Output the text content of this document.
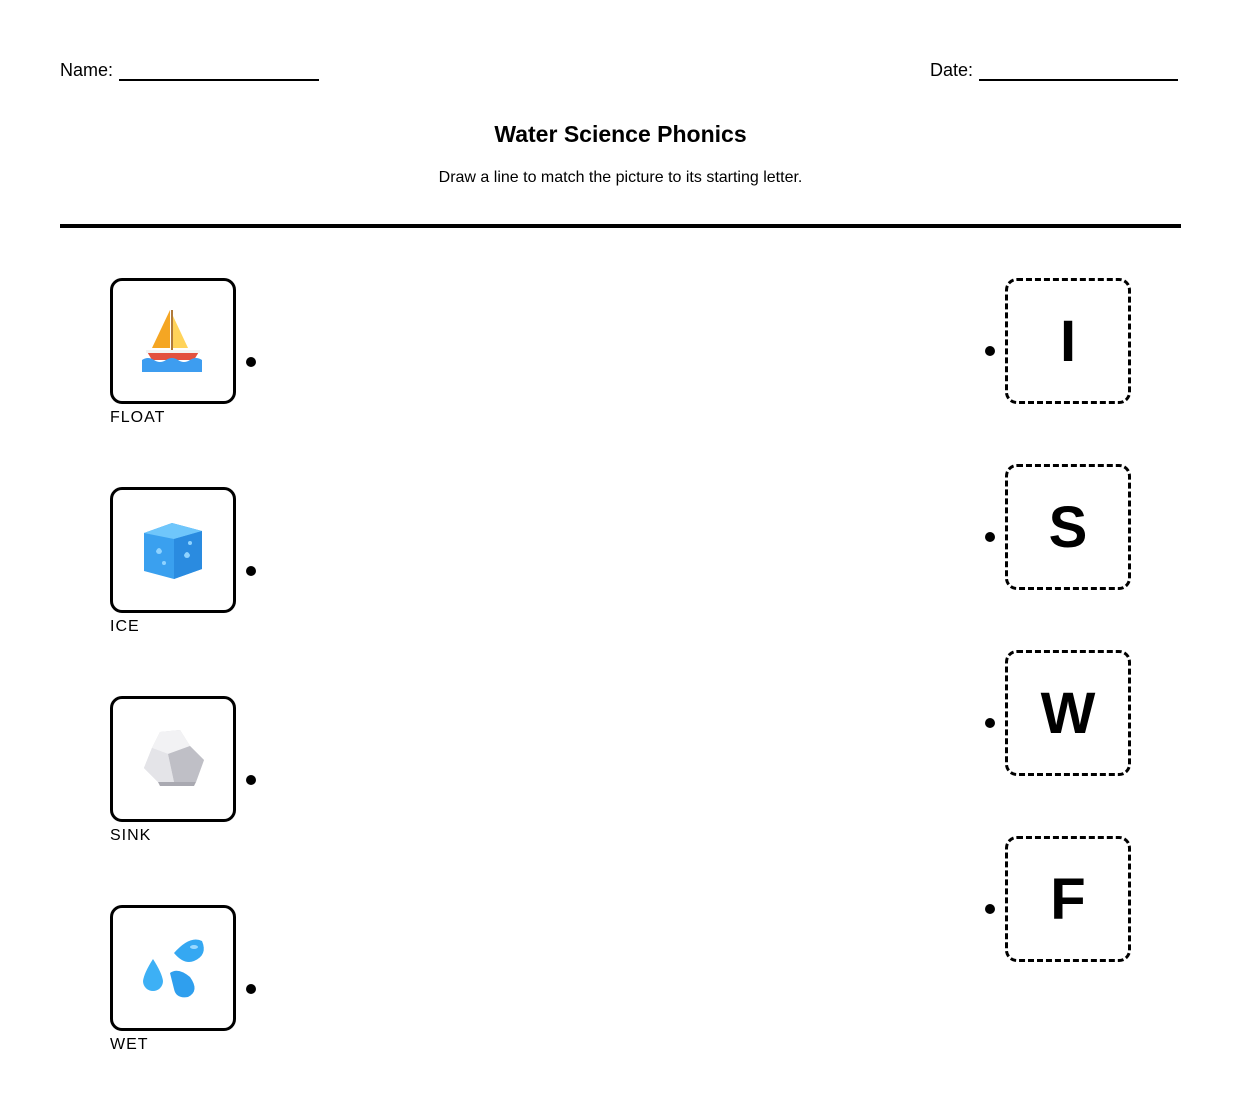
Name:	Date:
Water Science Phonics
Draw a line to match the picture to its starting letter.
FLOAT
ICE
SINK
WET
I
S
W
F
